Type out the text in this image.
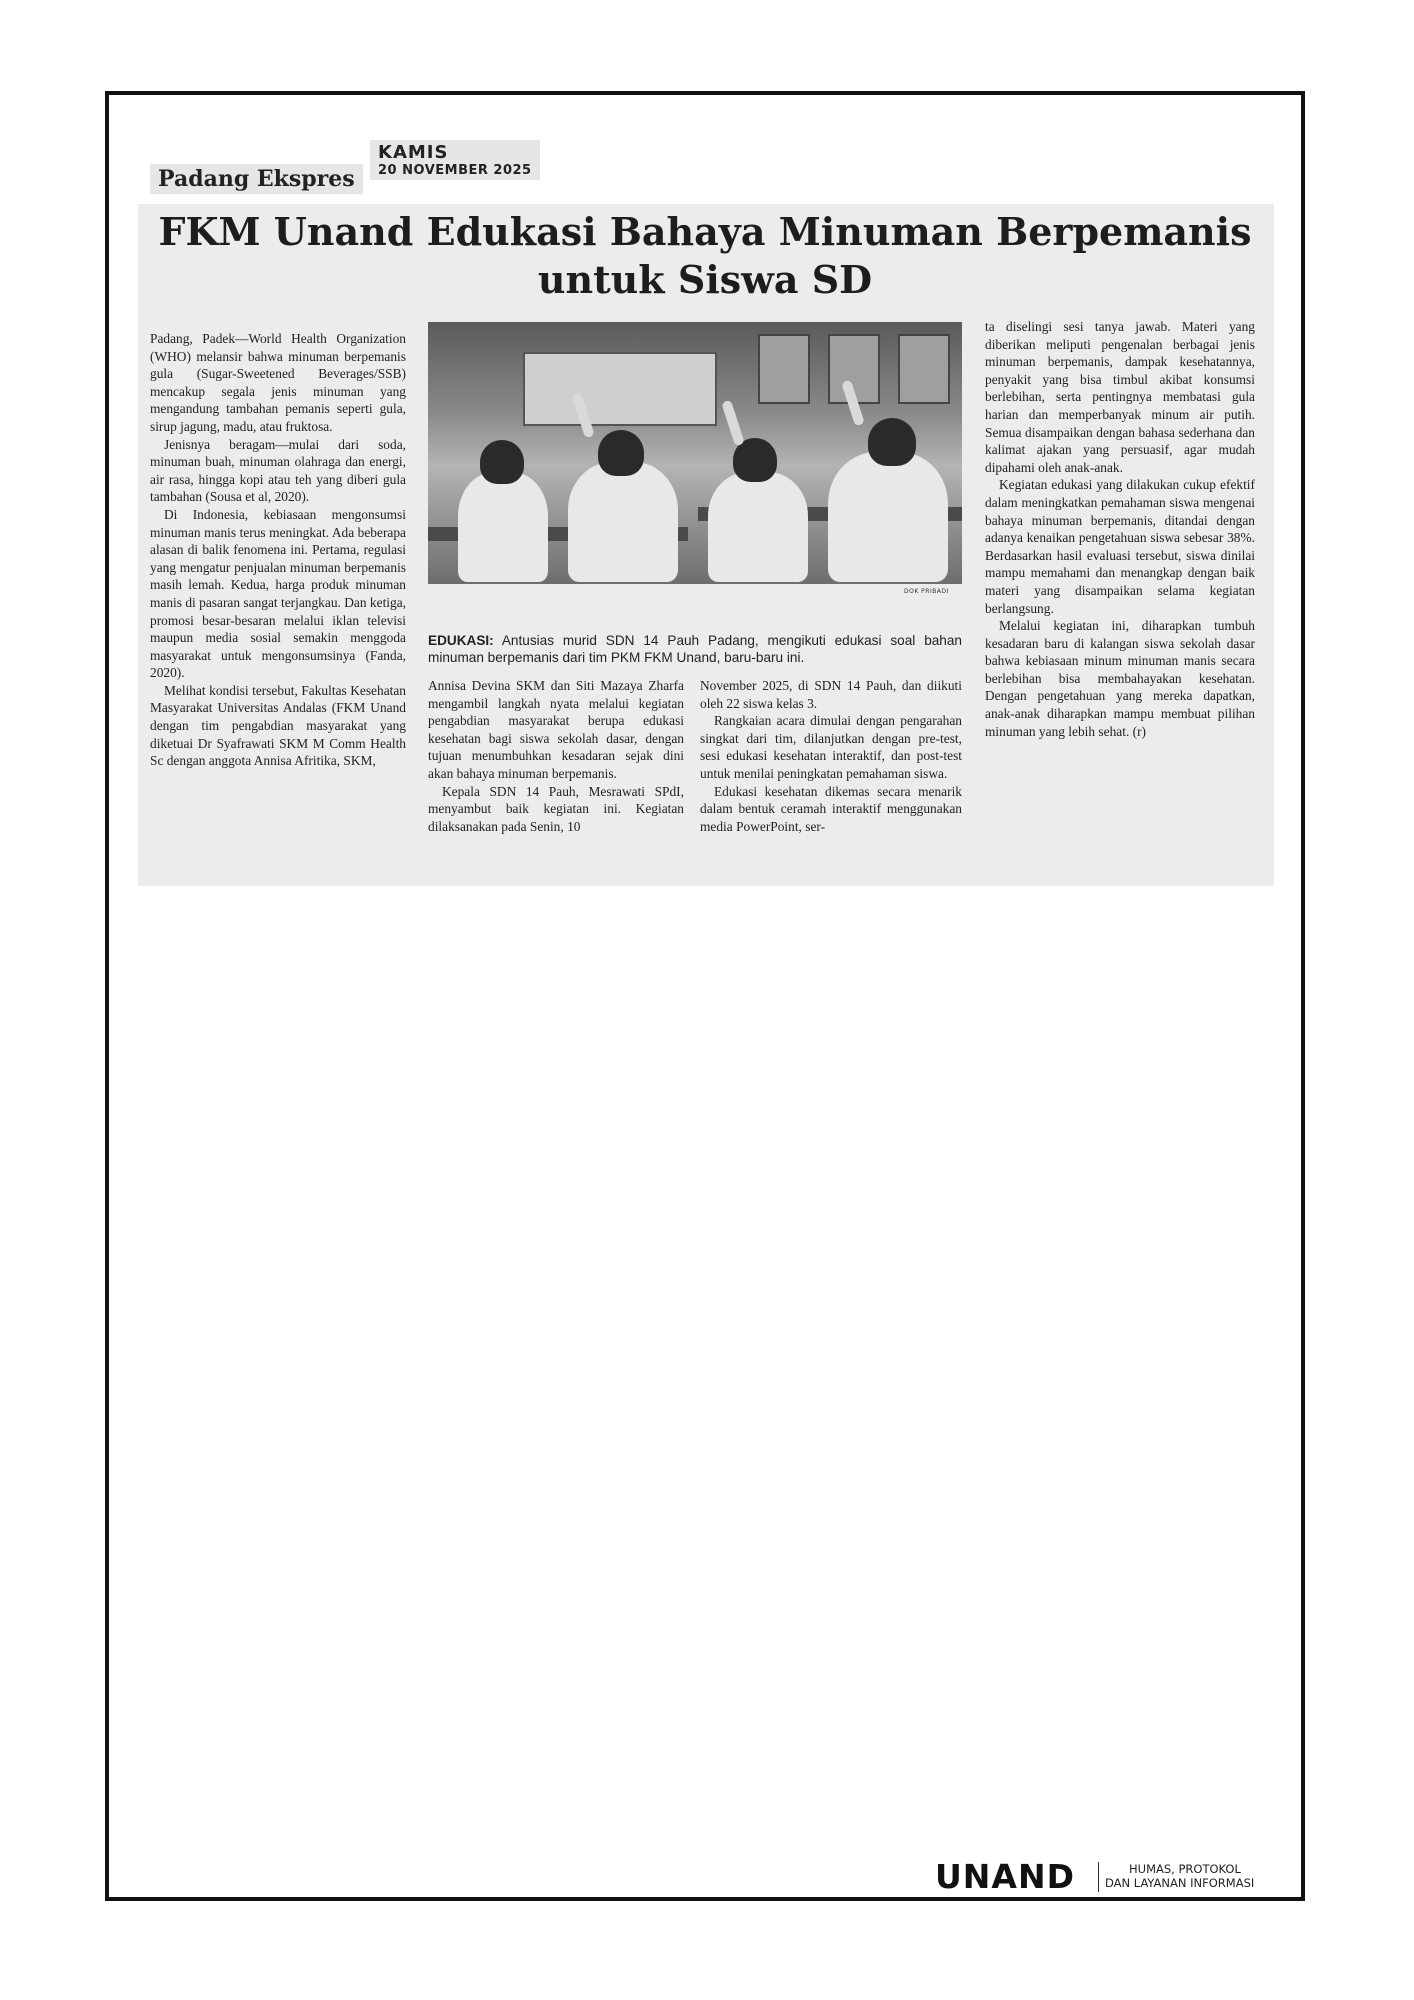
Padang Ekspres
KAMIS
20 NOVEMBER 2025
FKM Unand Edukasi Bahaya Minuman Berpemanis untuk Siswa SD

Padang, Padek—World Health Organization (WHO) melansir bahwa minuman berpemanis gula (Sugar-Sweetened Beverages/SSB) mencakup segala jenis minuman yang mengandung tambahan pemanis seperti gula, sirup jagung, madu, atau fruktosa.

Jenisnya beragam—mulai dari soda, minuman buah, minuman olahraga dan energi, air rasa, hingga kopi atau teh yang diberi gula tambahan (Sousa et al, 2020).

Di Indonesia, kebiasaan mengonsumsi minuman manis terus meningkat. Ada beberapa alasan di balik fenomena ini. Pertama, regulasi yang mengatur penjualan minuman berpemanis masih lemah. Kedua, harga produk minuman manis di pasaran sangat terjangkau. Dan ketiga, promosi besar-besaran melalui iklan televisi maupun media sosial semakin menggoda masyarakat untuk mengonsumsinya (Fanda, 2020).

Melihat kondisi tersebut, Fakultas Kesehatan Masyarakat Universitas Andalas (FKM Unand dengan tim pengabdian masyarakat yang diketuai Dr Syafrawati SKM M Comm Health Sc dengan anggota Annisa Afritika, SKM,

DOK PRIBADI
EDUKASI: Antusias murid SDN 14 Pauh Padang, mengikuti edukasi soal bahan minuman berpemanis dari tim PKM FKM Unand, baru-baru ini.

Annisa Devina SKM dan Siti Mazaya Zharfa mengambil langkah nyata melalui kegiatan pengabdian masyarakat berupa edukasi kesehatan bagi siswa sekolah dasar, dengan tujuan menumbuhkan kesadaran sejak dini akan bahaya minuman berpemanis.

Kepala SDN 14 Pauh, Mesrawati SPdI, menyambut baik kegiatan ini. Kegiatan dilaksanakan pada Senin, 10

November 2025, di SDN 14 Pauh, dan diikuti oleh 22 siswa kelas 3.

Rangkaian acara dimulai dengan pengarahan singkat dari tim, dilanjutkan dengan pre-test, sesi edukasi kesehatan interaktif, dan post-test untuk menilai peningkatan pemahaman siswa.

Edukasi kesehatan dikemas secara menarik dalam bentuk ceramah interaktif menggunakan media PowerPoint, ser-

ta diselingi sesi tanya jawab. Materi yang diberikan meliputi pengenalan berbagai jenis minuman berpemanis, dampak kesehatannya, penyakit yang bisa timbul akibat konsumsi berlebihan, serta pentingnya membatasi gula harian dan memperbanyak minum air putih. Semua disampaikan dengan bahasa sederhana dan kalimat ajakan yang persuasif, agar mudah dipahami oleh anak-anak.

Kegiatan edukasi yang dilakukan cukup efektif dalam meningkatkan pemahaman siswa mengenai bahaya minuman berpemanis, ditandai dengan adanya kenaikan pengetahuan siswa sebesar 38%. Berdasarkan hasil evaluasi tersebut, siswa dinilai mampu memahami dan menangkap dengan baik materi yang disampaikan selama kegiatan berlangsung.

Melalui kegiatan ini, diharapkan tumbuh kesadaran baru di kalangan siswa sekolah dasar bahwa kebiasaan minum minuman manis secara berlebihan bisa membahayakan kesehatan. Dengan pengetahuan yang mereka dapatkan, anak-anak diharapkan mampu membuat pilihan minuman yang lebih sehat. (r)

UNAND	HUMAS, PROTOKOL
DAN LAYANAN INFORMASI
